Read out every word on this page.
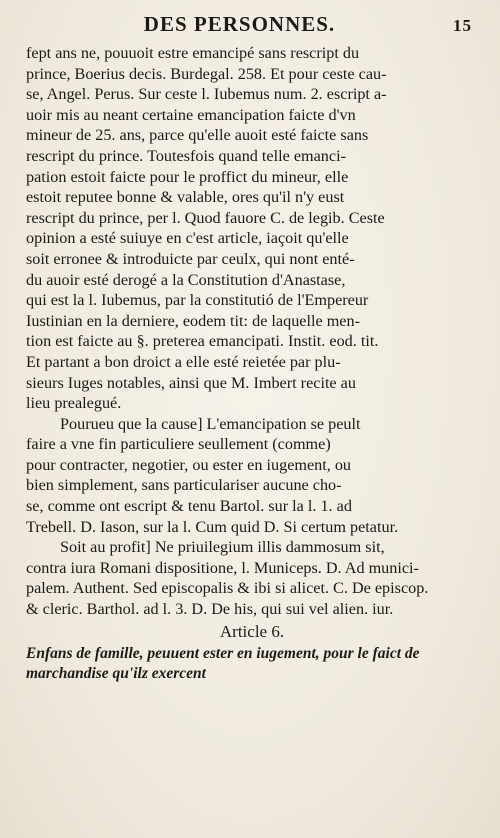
DES PERSONNES.	15
fept ans ne, pouuoit estre emancipé sans rescript du
prince, Boerius decis. Burdegal. 258. Et pour ceste cau-
se, Angel. Perus. Sur ceste l. Iubemus num. 2. escript a-
uoir mis au neant certaine emancipation faicte d'vn
mineur de 25. ans, parce qu'elle auoit esté faicte sans
rescript du prince. Toutesfois quand telle emanci-
pation estoit faicte pour le proffict du mineur, elle
estoit reputee bonne & valable, ores qu'il n'y eust
rescript du prince, per l. Quod fauore C. de legib. Ceste
opinion a esté suiuye en c'est article, iaçoit qu'elle
soit erronee & introduicte par ceulx, qui nont enté-
du auoir esté derogé a la Constitution d'Anastase,
qui est la l. Iubemus, par la constitutió de l'Empereur
Iustinian en la derniere, eodem tit: de laquelle men-
tion est faicte au §. preterea emancipati. Instit. eod. tit.
Et partant a bon droict a elle esté reietée par plu-
sieurs Iuges notables, ainsi que M. Imbert recite au
lieu prealegué.
Pourueu que la cause] L'emancipation se peult
faire a vne fin particuliere seullement (comme)
pour contracter, negotier, ou ester en iugement, ou
bien simplement, sans particulariser aucune cho-
se, comme ont escript & tenu Bartol. sur la l. 1. ad
Trebell. D. Iason, sur la l. Cum quid D. Si certum petatur.
Soit au profit] Ne priuilegium illis dammosum sit,
contra iura Romani dispositione, l. Municeps. D. Ad munici-
palem. Authent. Sed episcopalis & ibi si alicet. C. De episcop.
& cleric. Barthol. ad l. 3. D. De his, qui sui vel alien. iur.
Article 6.
Enfans de famille, peuuent ester en iugement, pour le faict de
marchandise qu'ilz exercent
